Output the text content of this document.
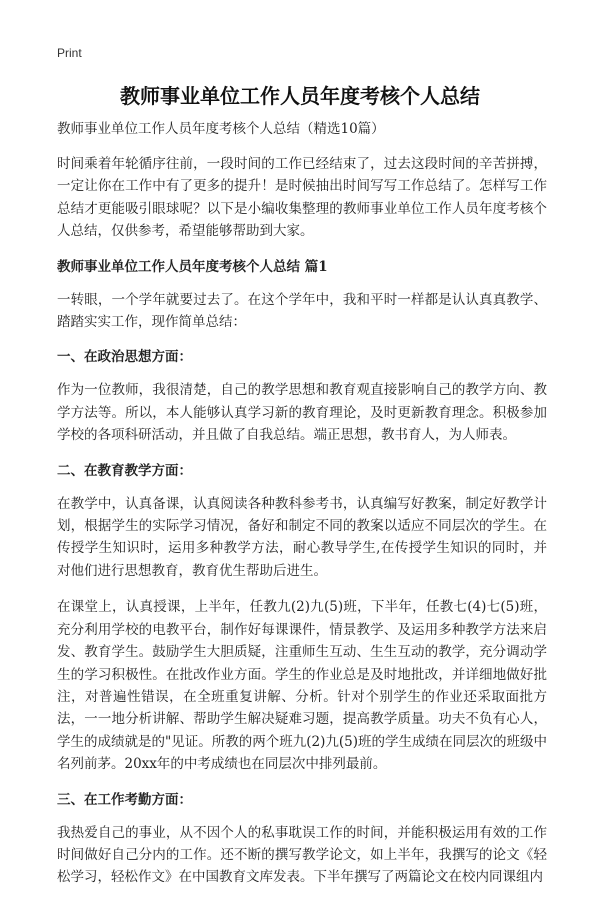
Print
教师事业单位工作人员年度考核个人总结
教师事业单位工作人员年度考核个人总结（精选10篇）

时间乘着年轮循序往前，一段时间的工作已经结束了，过去这段时间的辛苦拼搏，一定让你在工作中有了更多的提升！是时候抽出时间写写工作总结了。怎样写工作总结才更能吸引眼球呢？以下是小编收集整理的教师事业单位工作人员年度考核个人总结，仅供参考，希望能够帮助到大家。

教师事业单位工作人员年度考核个人总结 篇1

一转眼，一个学年就要过去了。在这个学年中，我和平时一样都是认认真真教学、踏踏实实工作，现作简单总结：

一、在政治思想方面：

作为一位教师，我很清楚，自己的教学思想和教育观直接影响自己的教学方向、教学方法等。所以，本人能够认真学习新的教育理论，及时更新教育理念。积极参加学校的各项科研活动，并且做了自我总结。端正思想，教书育人，为人师表。

二、在教育教学方面：

在教学中，认真备课，认真阅读各种教科参考书，认真编写好教案，制定好教学计划，根据学生的实际学习情况，备好和制定不同的教案以适应不同层次的学生。在传授学生知识时，运用多种教学方法，耐心教导学生,在传授学生知识的同时，并对他们进行思想教育，教育优生帮助后进生。

在课堂上，认真授课，上半年，任教九(2)九(5)班，下半年，任教七(4)七(5)班，充分利用学校的电教平台，制作好每课课件，情景教学、及运用多种教学方法来启发、教育学生。鼓励学生大胆质疑，注重师生互动、生生互动的教学，充分调动学生的学习积极性。在批改作业方面。学生的作业总是及时地批改，并详细地做好批注，对普遍性错误，在全班重复讲解、分析。针对个别学生的作业还采取面批方法，一一地分析讲解、帮助学生解决疑难习题，提高教学质量。功夫不负有心人，学生的成绩就是的"见证。所教的两个班九(2)九(5)班的学生成绩在同层次的班级中名列前茅。20xx年的中考成绩也在同层次中排列最前。

三、在工作考勤方面：

我热爱自己的事业，从不因个人的私事耽误工作的时间，并能积极运用有效的工作时间做好自己分内的工作。还不断的撰写教学论文，如上半年，我撰写的论文《轻松学习，轻松作文》在中国教育文库发表。下半年撰写了两篇论文在校内同课组内
